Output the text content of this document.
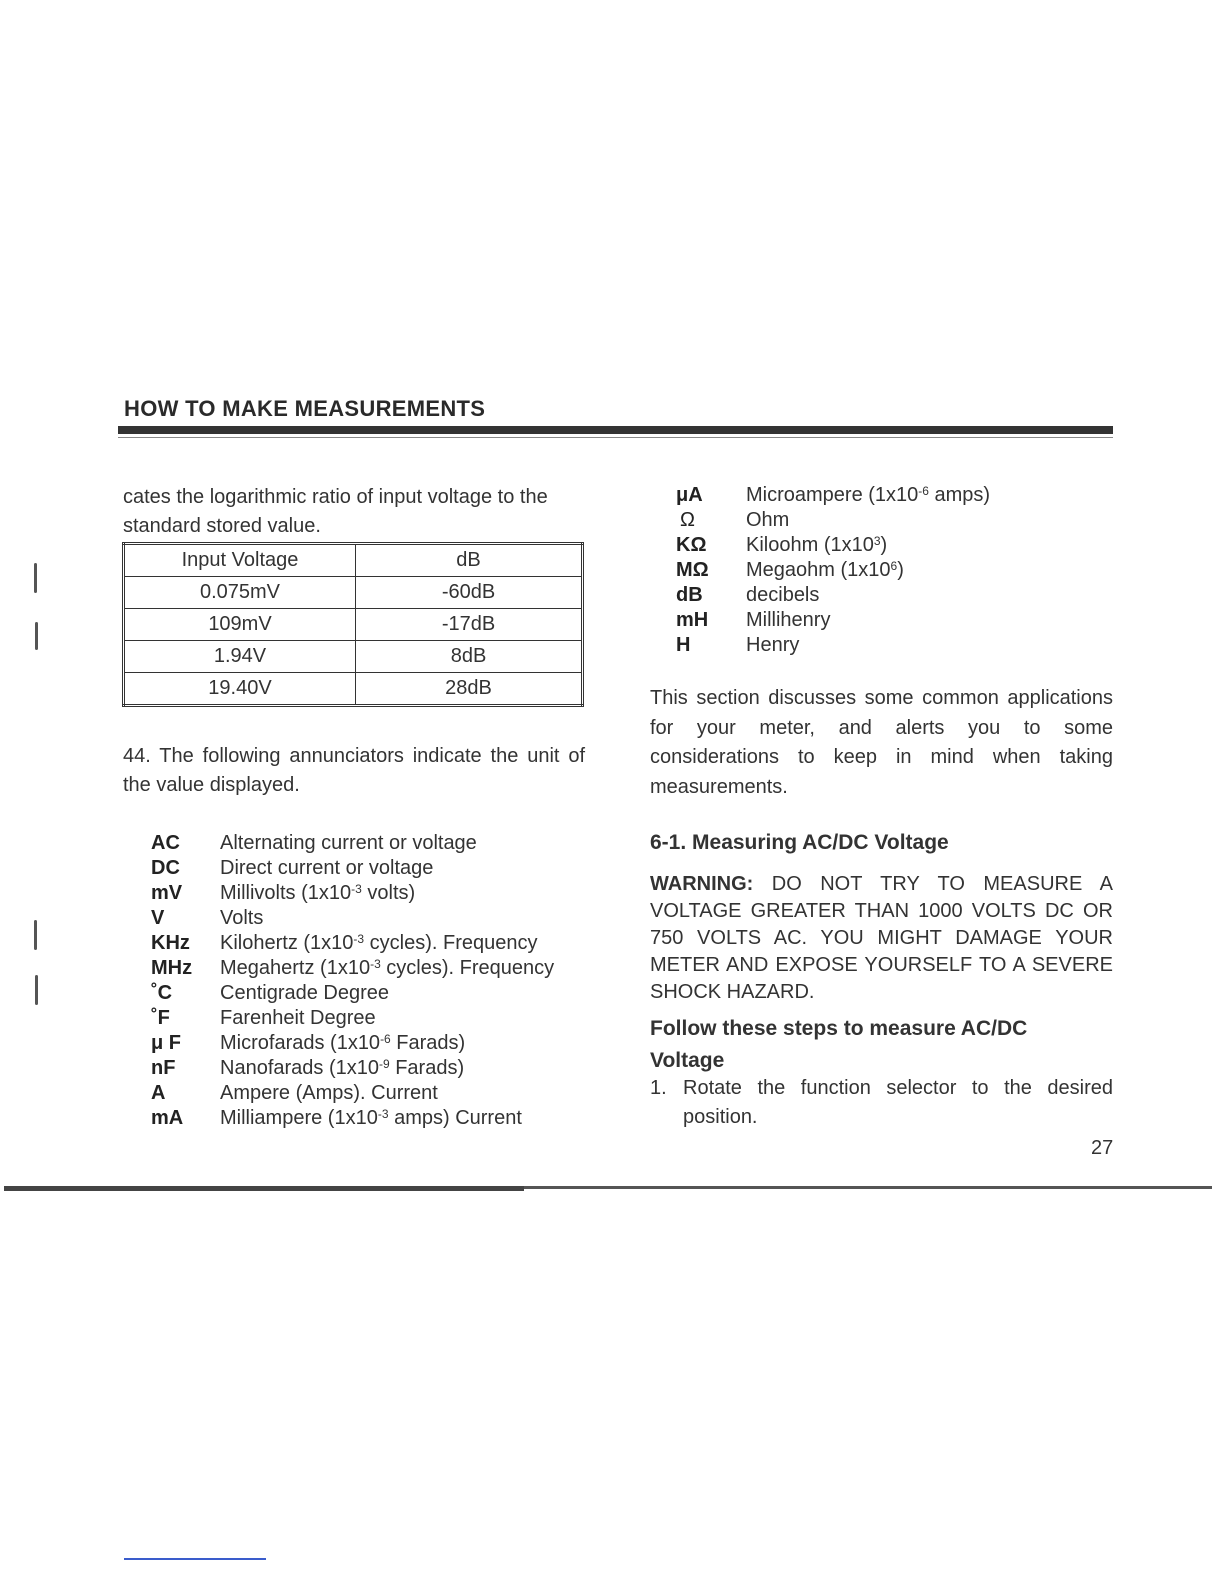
HOW TO MAKE MEASUREMENTS
cates the logarithmic ratio of input voltage to the standard stored value.
Input Voltage	dB
0.075mV	-60dB
109mV	-17dB
1.94V	8dB
19.40V	28dB
44. The following annunciators indicate the unit of the value displayed.
AC	Alternating current or voltage
DC	Direct current or voltage
mV	Millivolts ($1x10^{-3}$ volts)
V	Volts
KHz	Kilohertz ($1x10^{-3}$ cycles). Frequency
MHz	Megahertz ($1x10^{-3}$ cycles). Frequency
˚C	Centigrade Degree
˚F	Farenheit Degree
μ F	Microfarads ($1x10^{-6}$ Farads)
nF	Nanofarads ($1x10^{-9}$ Farads)
A	Ampere (Amps). Current
mA	Milliampere ($1x10^{-3}$ amps) Current
μA	Microampere ($1x10^{-6}$ amps)
Ω	Ohm
KΩ	Kiloohm $(1x10^3)$
MΩ	Megaohm $(1x10^6)$
dB	decibels
mH	Millihenry
H	Henry
This section discusses some common applications for your meter, and alerts you to some considerations to keep in mind when taking measurements.
6-1. Measuring AC/DC Voltage
WARNING: DO NOT TRY TO MEASURE A VOLTAGE GREATER THAN 1000 VOLTS DC OR 750 VOLTS AC. YOU MIGHT DAMAGE YOUR METER AND EXPOSE YOURSELF TO A SEVERE SHOCK HAZARD.
Follow these steps to measure AC/DC
Voltage
1. Rotate the function selector to the desired
position.
27
